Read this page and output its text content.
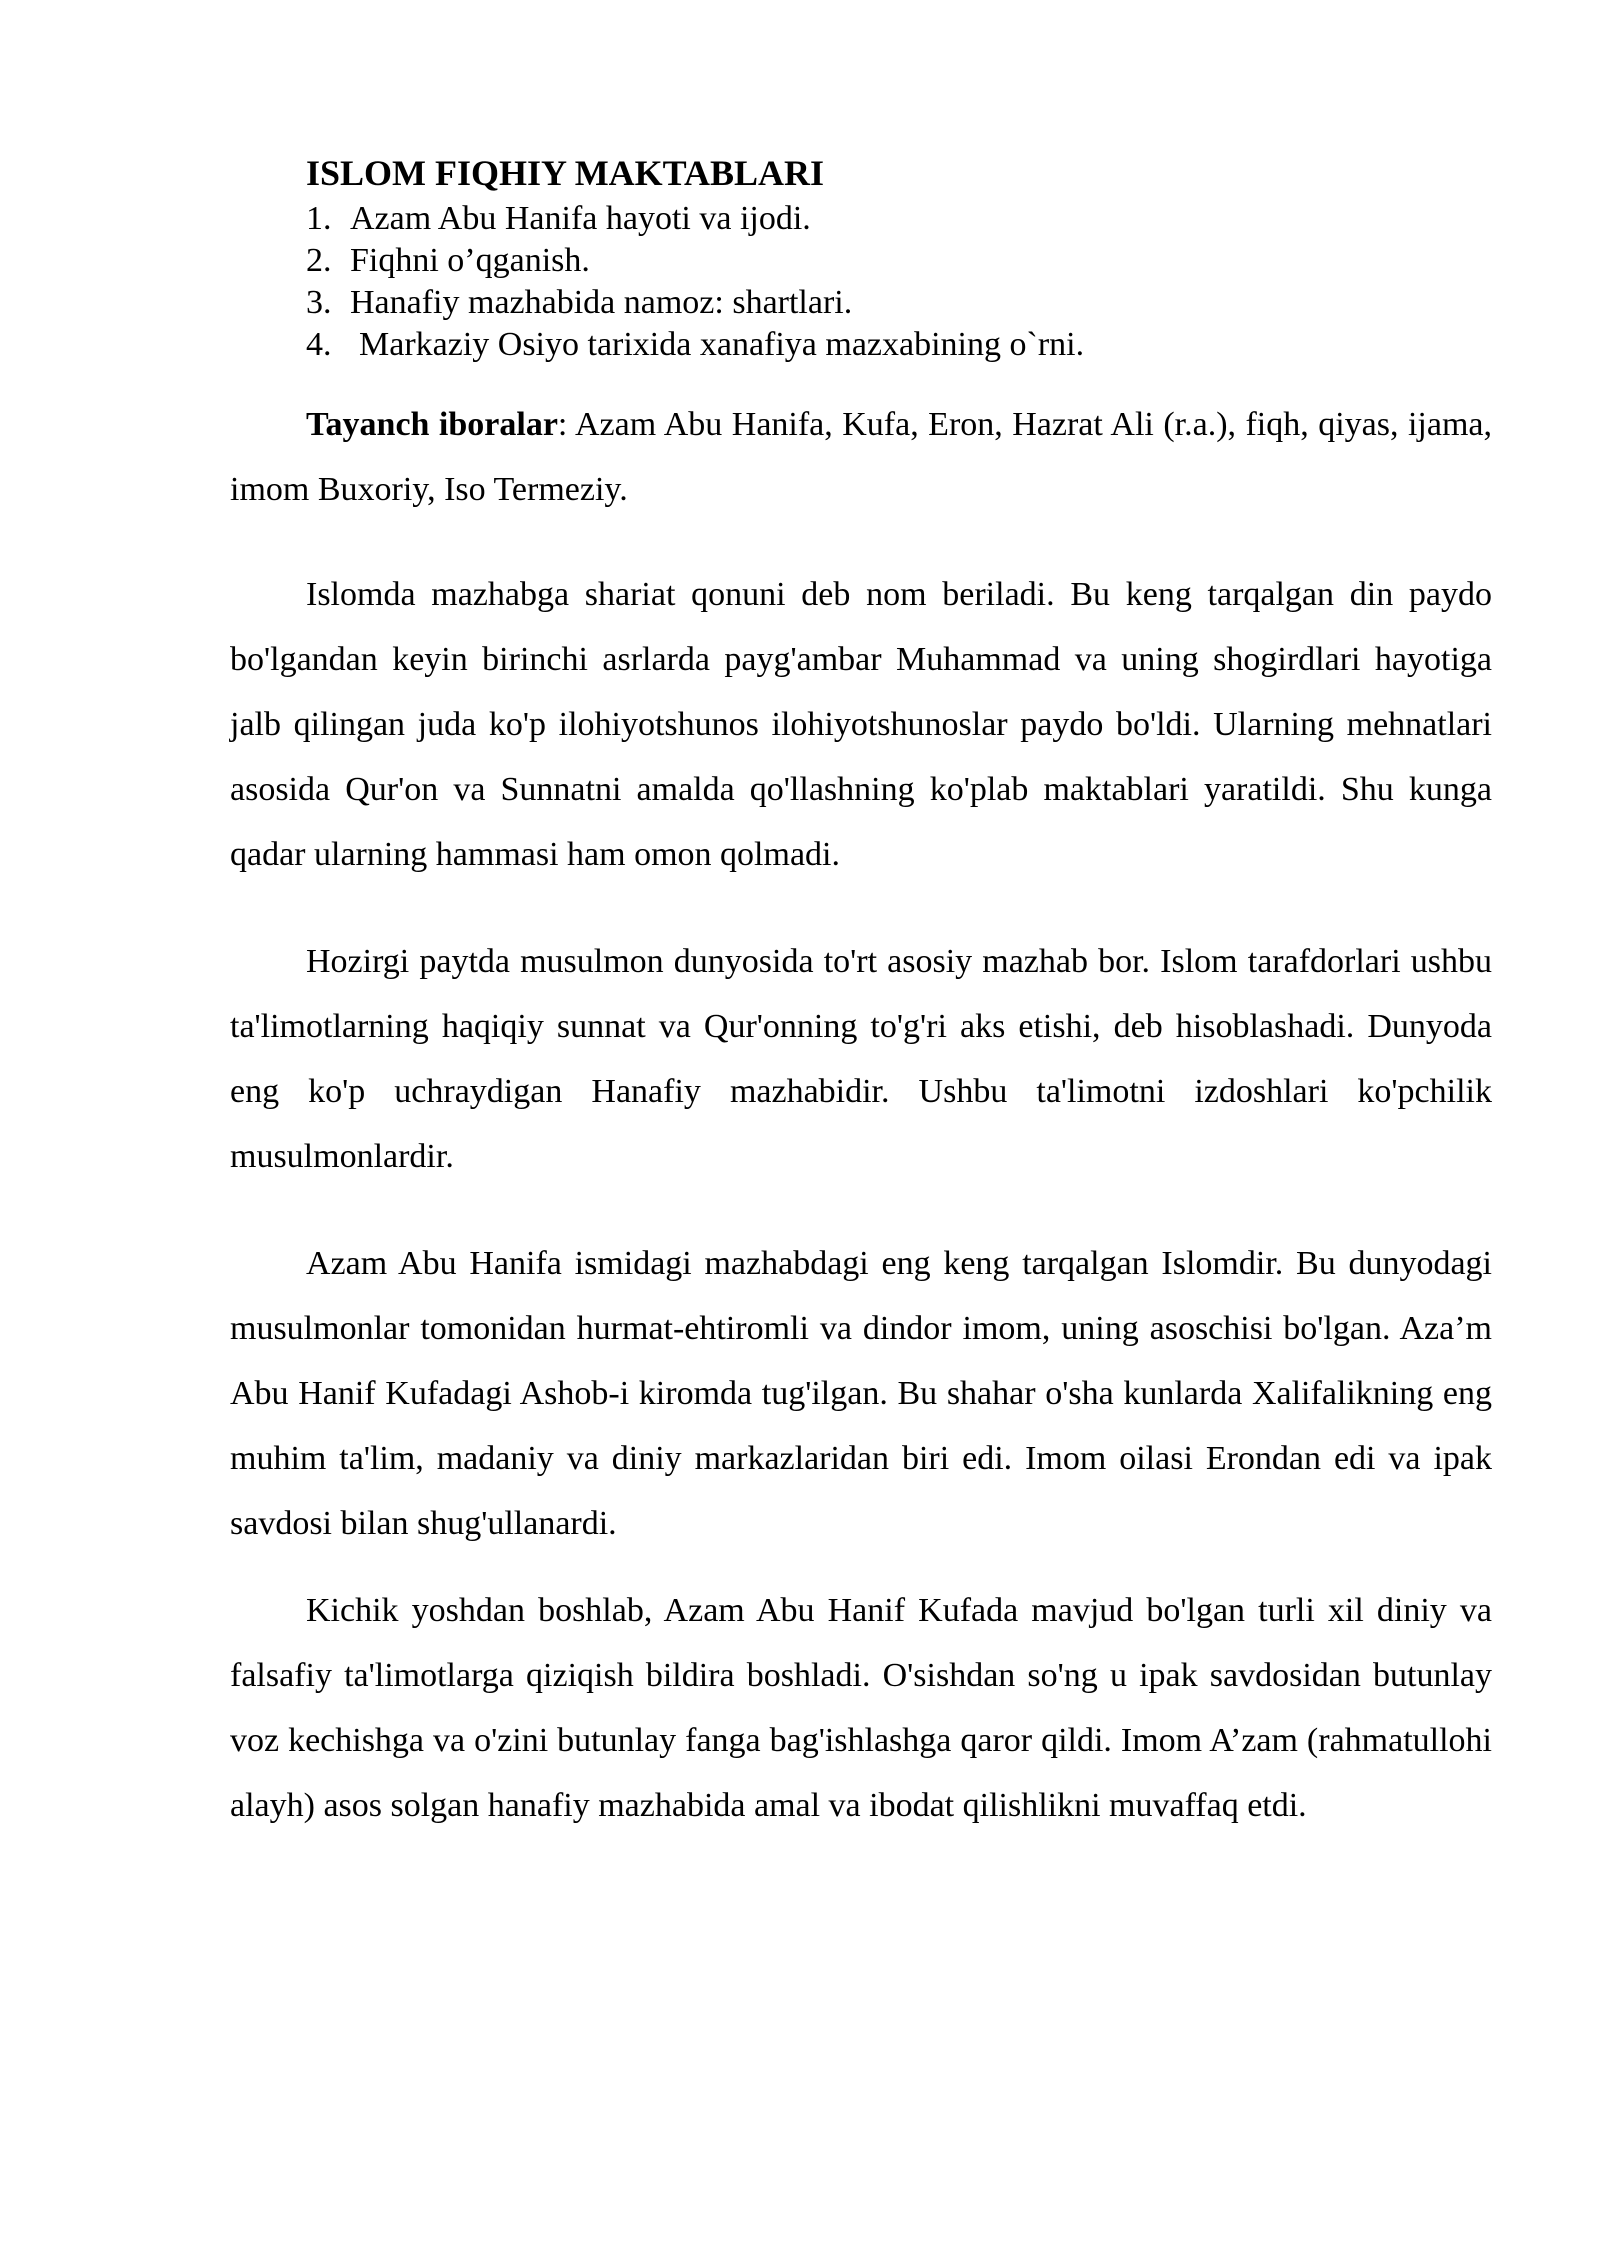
ISLOM FIQHIY MAKTABLARI
1. Azam Abu Hanifa hayoti va ijodi.
2. Fiqhni o’qganish.
3. Hanafiy mazhabida namoz: shartlari.
4. Markaziy Osiyo tarixida xanafiya mazxabining o`rni.

Tayanch iboralar: Azam Abu Hanifa, Kufa, Eron, Hazrat Ali (r.a.), fiqh, qiyas, ijama, imom Buxoriy, Iso Termeziy.

Islomda mazhabga shariat qonuni deb nom beriladi. Bu keng tarqalgan din paydo bo'lgandan keyin birinchi asrlarda payg'ambar Muhammad va uning shogirdlari hayotiga jalb qilingan juda ko'p ilohiyotshunos ilohiyotshunoslar paydo bo'ldi. Ularning mehnatlari asosida Qur'on va Sunnatni amalda qo'llashning ko'plab maktablari yaratildi. Shu kunga qadar ularning hammasi ham omon qolmadi.

Hozirgi paytda musulmon dunyosida to'rt asosiy mazhab bor. Islom tarafdorlari ushbu ta'limotlarning haqiqiy sunnat va Qur'onning to'g'ri aks etishi, deb hisoblashadi. Dunyoda eng ko'p uchraydigan Hanafiy mazhabidir. Ushbu ta'limotni izdoshlari ko'pchilik musulmonlardir.

Azam Abu Hanifa ismidagi mazhabdagi eng keng tarqalgan Islomdir. Bu dunyodagi musulmonlar tomonidan hurmat-ehtiromli va dindor imom, uning asoschisi bo'lgan. Aza’m Abu Hanif Kufadagi Ashob-i kiromda tug'ilgan. Bu shahar o'sha kunlarda Xalifalikning eng muhim ta'lim, madaniy va diniy markazlaridan biri edi. Imom oilasi Erondan edi va ipak savdosi bilan shug'ullanardi.

Kichik yoshdan boshlab, Azam Abu Hanif Kufada mavjud bo'lgan turli xil diniy va falsafiy ta'limotlarga qiziqish bildira boshladi. O'sishdan so'ng u ipak savdosidan butunlay voz kechishga va o'zini butunlay fanga bag'ishlashga qaror qildi. Imom A’zam (rahmatullohi alayh) asos solgan hanafiy mazhabida amal va ibodat qilishlikni muvaffaq etdi.
